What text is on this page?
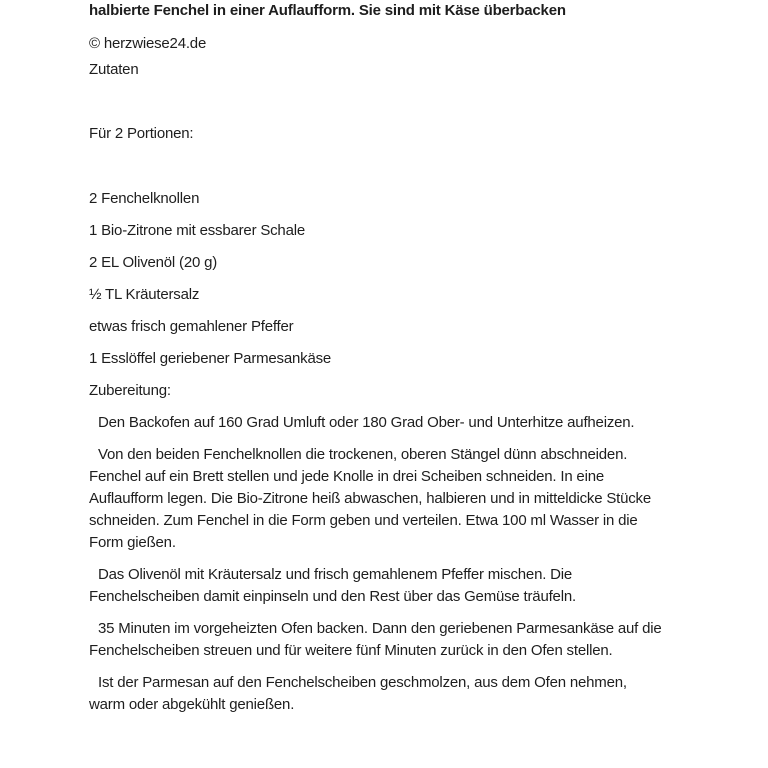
halbierte Fenchel in einer Auflaufform. Sie sind mit Käse überbacken
© herzwiese24.de
Zutaten
Für 2 Portionen:
2 Fenchelknollen
1 Bio-Zitrone mit essbarer Schale
2 EL Olivenöl (20 g)
½ TL Kräutersalz
etwas frisch gemahlener Pfeffer
1 Esslöffel geriebener Parmesankäse
Zubereitung:
Den Backofen auf 160 Grad Umluft oder 180 Grad Ober- und Unterhitze aufheizen.
Von den beiden Fenchelknollen die trockenen, oberen Stängel dünn abschneiden.
Fenchel auf ein Brett stellen und jede Knolle in drei Scheiben schneiden. In eine
Auflaufform legen. Die Bio-Zitrone heiß abwaschen, halbieren und in mitteldicke Stücke
schneiden. Zum Fenchel in die Form geben und verteilen. Etwa 100 ml Wasser in die
Form gießen.
Das Olivenöl mit Kräutersalz und frisch gemahlenem Pfeffer mischen. Die
Fenchelscheiben damit einpinseln und den Rest über das Gemüse träufeln.
35 Minuten im vorgeheizten Ofen backen. Dann den geriebenen Parmesankäse auf die
Fenchelscheiben streuen und für weitere fünf Minuten zurück in den Ofen stellen.
Ist der Parmesan auf den Fenchelscheiben geschmolzen, aus dem Ofen nehmen,
warm oder abgekühlt genießen.
